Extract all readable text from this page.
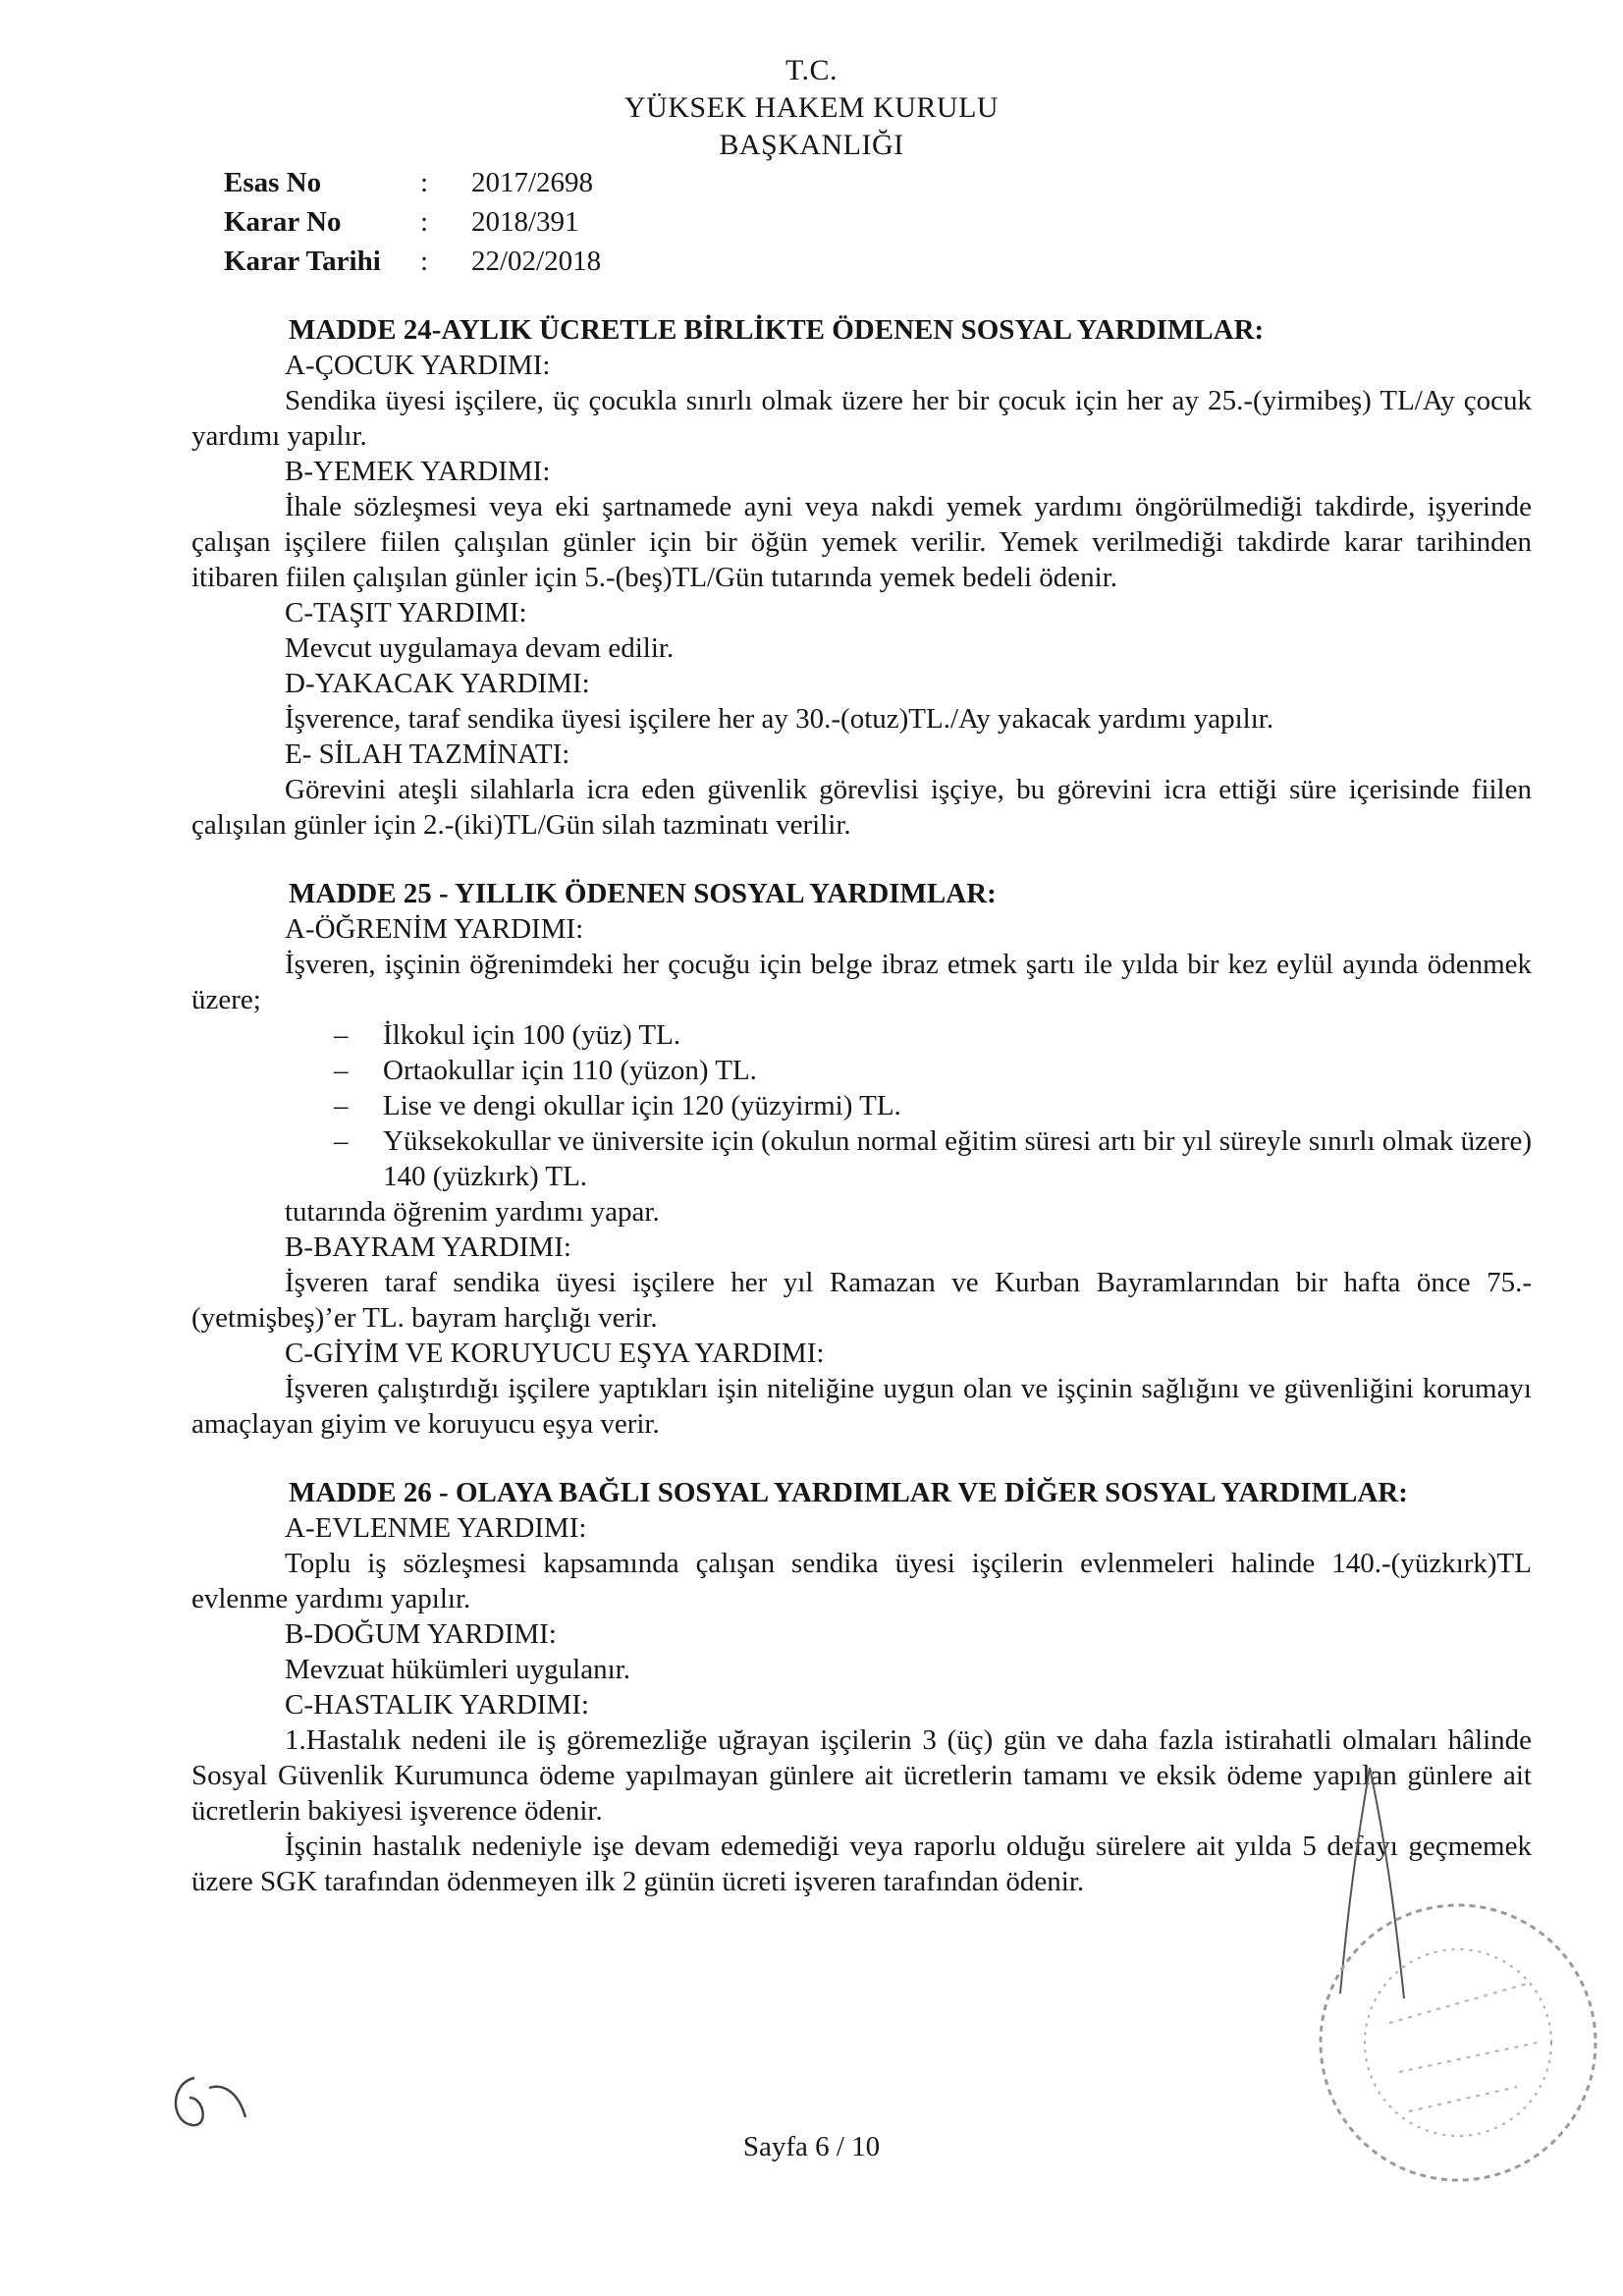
T.C.
YÜKSEK HAKEM KURULU
BAŞKANLIĞI
Esas No	:	2017/2698
Karar No	:	2018/391
Karar Tarihi	:	22/02/2018
MADDE 24-AYLIK ÜCRETLE BİRLİKTE ÖDENEN SOSYAL YARDIMLAR:
A-ÇOCUK YARDIMI:
Sendika üyesi işçilere, üç çocukla sınırlı olmak üzere her bir çocuk için her ay 25.-(yirmibeş) TL/Ay çocuk yardımı yapılır.
B-YEMEK YARDIMI:
İhale sözleşmesi veya eki şartnamede ayni veya nakdi yemek yardımı öngörülmediği takdirde, işyerinde çalışan işçilere fiilen çalışılan günler için bir öğün yemek verilir. Yemek verilmediği takdirde karar tarihinden itibaren fiilen çalışılan günler için 5.-(beş)TL/Gün tutarında yemek bedeli ödenir.
C-TAŞIT YARDIMI:
Mevcut uygulamaya devam edilir.
D-YAKACAK YARDIMI:
İşverence, taraf sendika üyesi işçilere her ay 30.-(otuz)TL./Ay yakacak yardımı yapılır.
E- SİLAH TAZMİNATI:
Görevini ateşli silahlarla icra eden güvenlik görevlisi işçiye, bu görevini icra ettiği süre içerisinde fiilen çalışılan günler için 2.-(iki)TL/Gün silah tazminatı verilir.
MADDE 25 - YILLIK ÖDENEN SOSYAL YARDIMLAR:
A-ÖĞRENİM YARDIMI:
İşveren, işçinin öğrenimdeki her çocuğu için belge ibraz etmek şartı ile yılda bir kez eylül ayında ödenmek üzere;
– İlkokul için 100 (yüz) TL.
– Ortaokullar için 110 (yüzon) TL.
– Lise ve dengi okullar için 120 (yüzyirmi) TL.
– Yüksekokullar ve üniversite için (okulun normal eğitim süresi artı bir yıl süreyle sınırlı olmak üzere) 140 (yüzkırk) TL.
tutarında öğrenim yardımı yapar.
B-BAYRAM YARDIMI:
İşveren taraf sendika üyesi işçilere her yıl Ramazan ve Kurban Bayramlarından bir hafta önce 75.-(yetmişbeş)’er TL. bayram harçlığı verir.
C-GİYİM VE KORUYUCU EŞYA YARDIMI:
İşveren çalıştırdığı işçilere yaptıkları işin niteliğine uygun olan ve işçinin sağlığını ve güvenliğini korumayı amaçlayan giyim ve koruyucu eşya verir.
MADDE 26 - OLAYA BAĞLI SOSYAL YARDIMLAR VE DİĞER SOSYAL YARDIMLAR:
A-EVLENME YARDIMI:
Toplu iş sözleşmesi kapsamında çalışan sendika üyesi işçilerin evlenmeleri halinde 140.-(yüzkırk)TL evlenme yardımı yapılır.
B-DOĞUM YARDIMI:
Mevzuat hükümleri uygulanır.
C-HASTALIK YARDIMI:
1.Hastalık nedeni ile iş göremezliğe uğrayan işçilerin 3 (üç) gün ve daha fazla istirahatli olmaları hâlinde Sosyal Güvenlik Kurumunca ödeme yapılmayan günlere ait ücretlerin tamamı ve eksik ödeme yapılan günlere ait ücretlerin bakiyesi işverence ödenir.
İşçinin hastalık nedeniyle işe devam edemediği veya raporlu olduğu sürelere ait yılda 5 defayı geçmemek üzere SGK tarafından ödenmeyen ilk 2 günün ücreti işveren tarafından ödenir.
Sayfa 6 / 10
